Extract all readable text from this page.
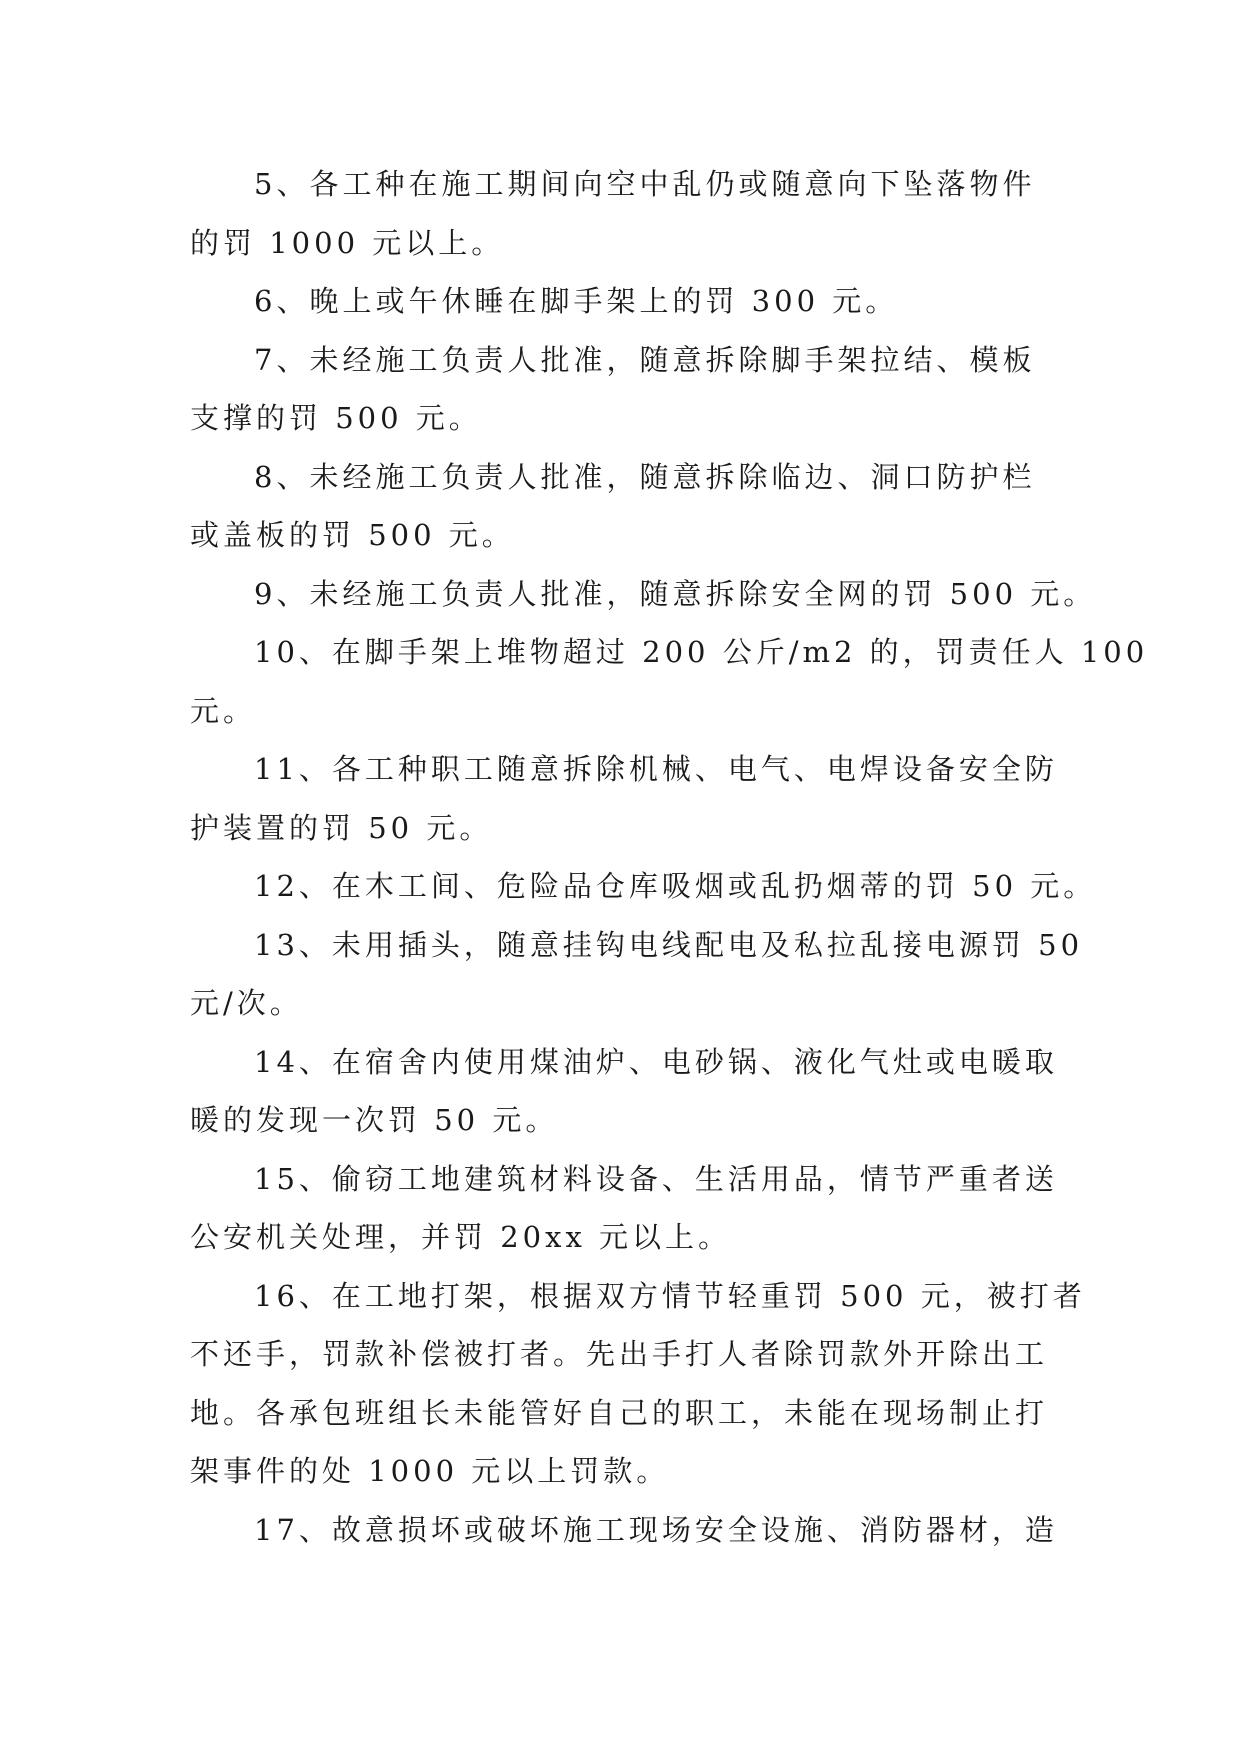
5、各工种在施工期间向空中乱仍或随意向下坠落物件
的罚 1000 元以上。
6、晚上或午休睡在脚手架上的罚 300 元。
7、未经施工负责人批准，随意拆除脚手架拉结、模板
支撑的罚 500 元。
8、未经施工负责人批准，随意拆除临边、洞口防护栏
或盖板的罚 500 元。
9、未经施工负责人批准，随意拆除安全网的罚 500 元。
10、在脚手架上堆物超过 200 公斤/m2 的，罚责任人 100
元。
11、各工种职工随意拆除机械、电气、电焊设备安全防
护装置的罚 50 元。
12、在木工间、危险品仓库吸烟或乱扔烟蒂的罚 50 元。
13、未用插头，随意挂钩电线配电及私拉乱接电源罚 50
元/次。
14、在宿舍内使用煤油炉、电砂锅、液化气灶或电暖取
暖的发现一次罚 50 元。
15、偷窃工地建筑材料设备、生活用品，情节严重者送
公安机关处理，并罚 20xx 元以上。
16、在工地打架，根据双方情节轻重罚 500 元，被打者
不还手，罚款补偿被打者。先出手打人者除罚款外开除出工
地。各承包班组长未能管好自己的职工，未能在现场制止打
架事件的处 1000 元以上罚款。
17、故意损坏或破坏施工现场安全设施、消防器材，造
